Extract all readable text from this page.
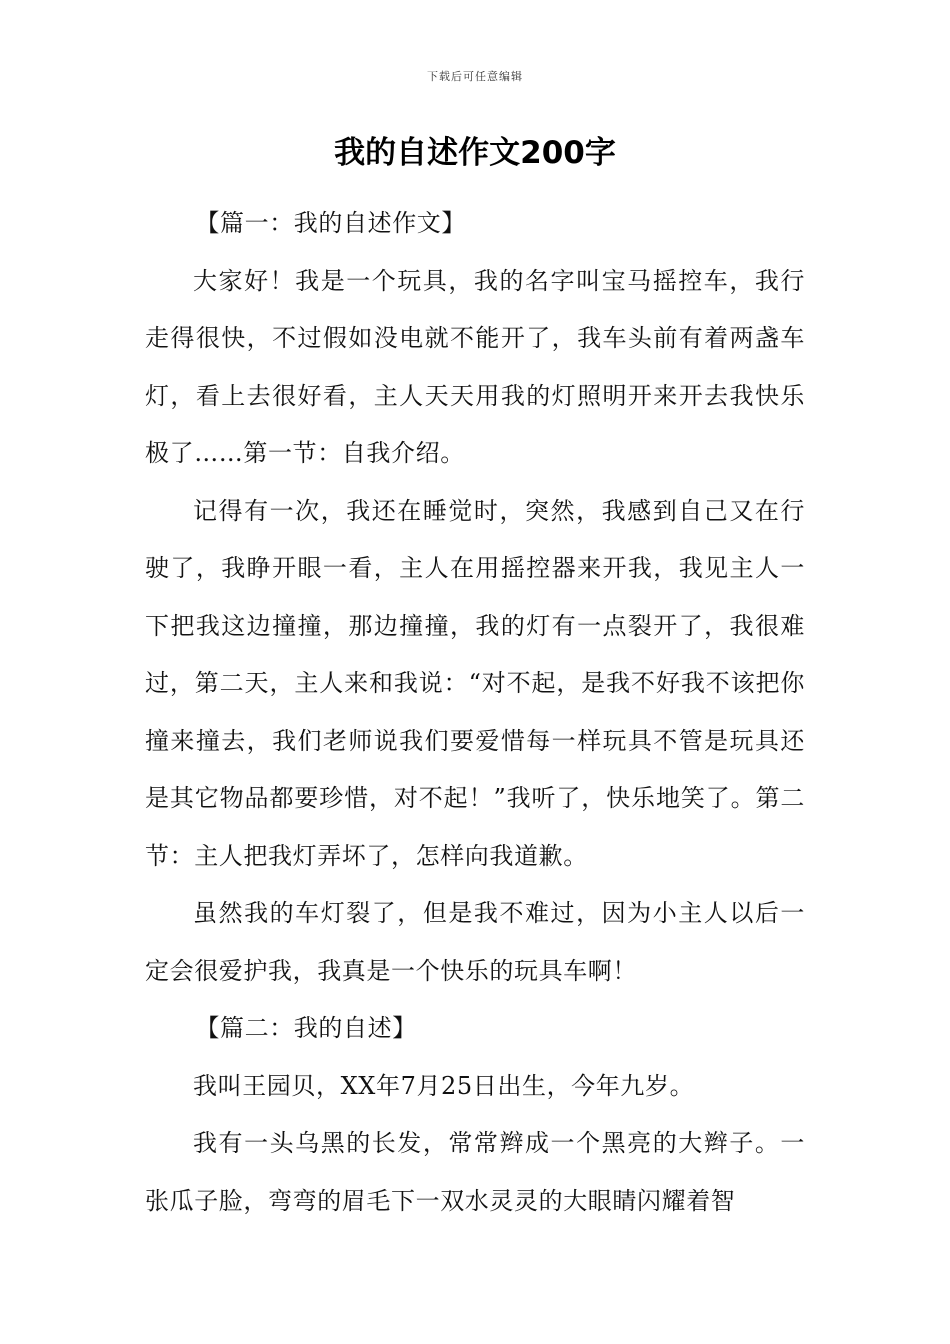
下载后可任意编辑
我的自述作文200字

【篇一：我的自述作文】

大家好！我是一个玩具，我的名字叫宝马摇控车，我行走得很快，不过假如没电就不能开了，我车头前有着两盏车灯，看上去很好看，主人天天用我的灯照明开来开去我快乐极了……第一节：自我介绍。

记得有一次，我还在睡觉时，突然，我感到自己又在行驶了，我睁开眼一看，主人在用摇控器来开我，我见主人一下把我这边撞撞，那边撞撞，我的灯有一点裂开了，我很难过，第二天，主人来和我说：“对不起，是我不好我不该把你撞来撞去，我们老师说我们要爱惜每一样玩具不管是玩具还是其它物品都要珍惜，对不起！”我听了，快乐地笑了。第二节：主人把我灯弄坏了，怎样向我道歉。

虽然我的车灯裂了，但是我不难过，因为小主人以后一定会很爱护我，我真是一个快乐的玩具车啊！

【篇二：我的自述】

我叫王园贝，XX年7月25日出生，今年九岁。

我有一头乌黑的长发，常常辫成一个黑亮的大辫子。一张瓜子脸，弯弯的眉毛下一双水灵灵的大眼睛闪耀着智
